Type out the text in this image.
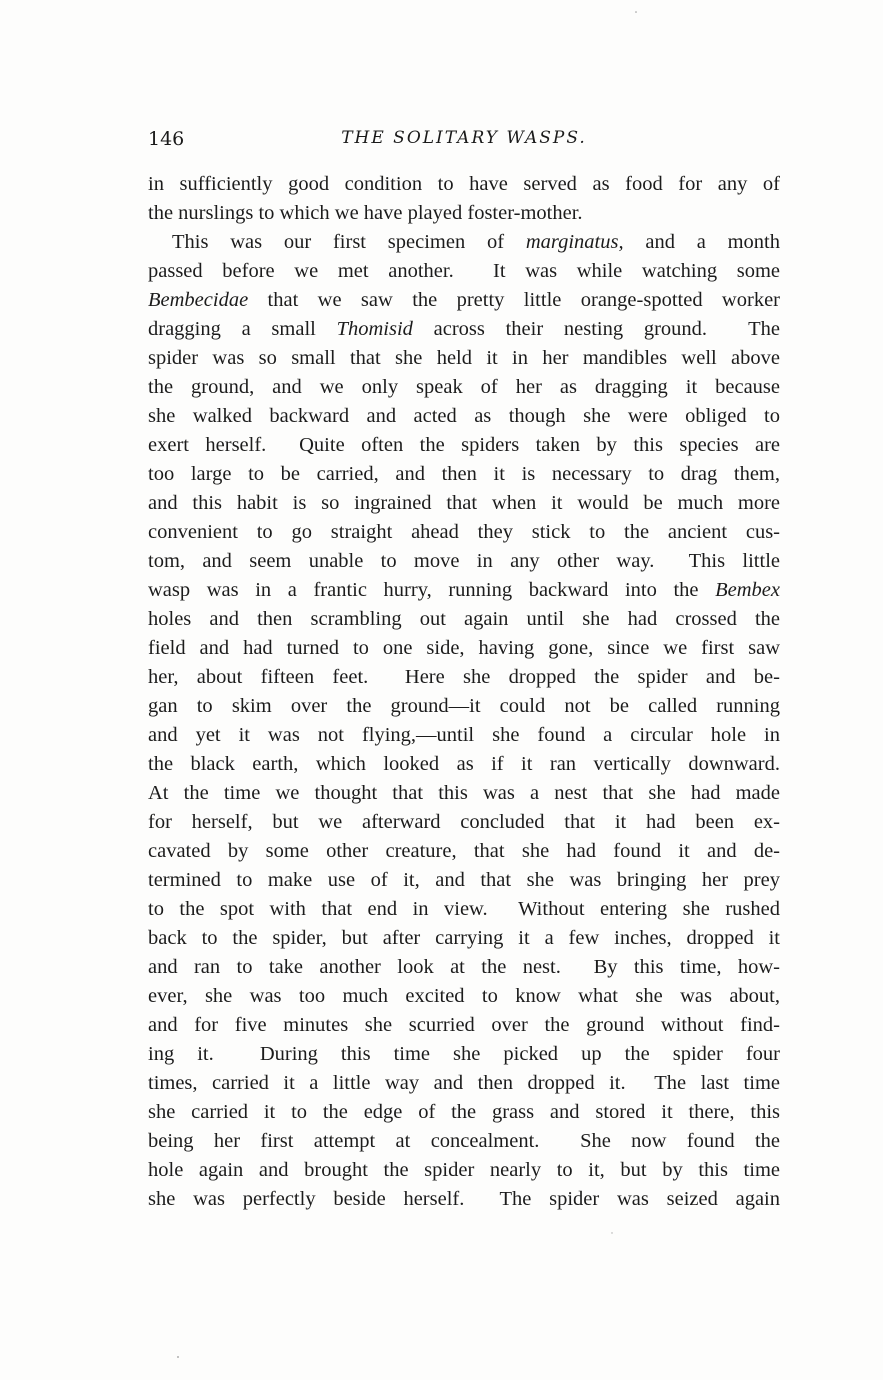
146	THE SOLITARY WASPS.
in sufficiently good condition to have served as food for any of
the nurslings to which we have played foster-mother.
This was our first specimen of marginatus, and a month
passed before we met another.  It was while watching some
Bembecidae that we saw the pretty little orange-spotted worker
dragging a small Thomisid across their nesting ground.  The
spider was so small that she held it in her mandibles well above
the ground, and we only speak of her as dragging it because
she walked backward and acted as though she were obliged to
exert herself.  Quite often the spiders taken by this species are
too large to be carried, and then it is necessary to drag them,
and this habit is so ingrained that when it would be much more
convenient to go straight ahead they stick to the ancient cus-
tom, and seem unable to move in any other way.  This little
wasp was in a frantic hurry, running backward into the Bembex
holes and then scrambling out again until she had crossed the
field and had turned to one side, having gone, since we first saw
her, about fifteen feet.  Here she dropped the spider and be-
gan to skim over the ground—it could not be called running
and yet it was not flying,—until she found a circular hole in
the black earth, which looked as if it ran vertically downward.
At the time we thought that this was a nest that she had made
for herself, but we afterward concluded that it had been ex-
cavated by some other creature, that she had found it and de-
termined to make use of it, and that she was bringing her prey
to the spot with that end in view.  Without entering she rushed
back to the spider, but after carrying it a few inches, dropped it
and ran to take another look at the nest.  By this time, how-
ever, she was too much excited to know what she was about,
and for five minutes she scurried over the ground without find-
ing it.  During this time she picked up the spider four
times, carried it a little way and then dropped it.  The last time
she carried it to the edge of the grass and stored it there, this
being her first attempt at concealment.  She now found the
hole again and brought the spider nearly to it, but by this time
she was perfectly beside herself.  The spider was seized again
